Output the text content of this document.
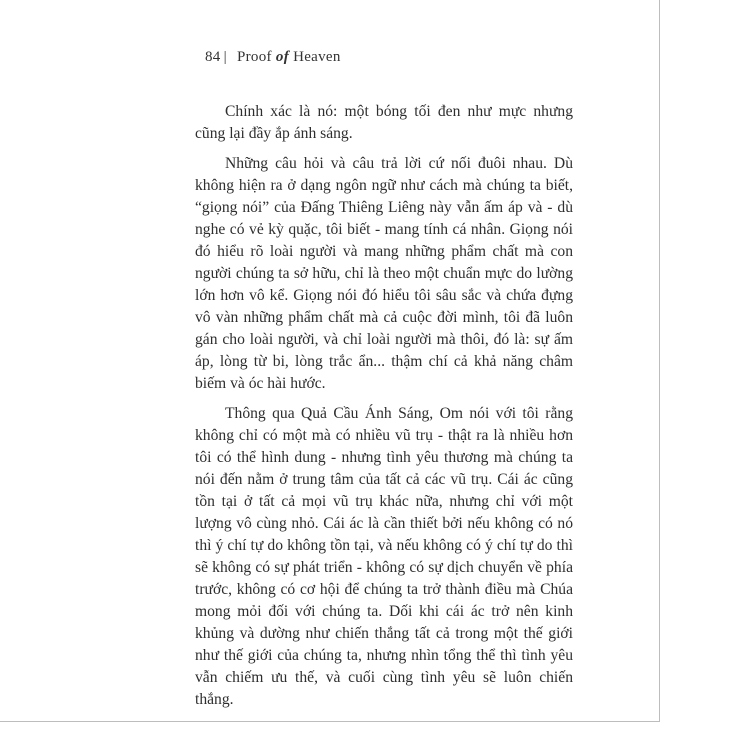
84 | Proof of Heaven

Chính xác là nó: một bóng tối đen như mực nhưng cũng lại đầy ắp ánh sáng.

Những câu hỏi và câu trả lời cứ nối đuôi nhau. Dù không hiện ra ở dạng ngôn ngữ như cách mà chúng ta biết, “giọng nói” của Đấng Thiêng Liêng này vẫn ấm áp và - dù nghe có vẻ kỳ quặc, tôi biết - mang tính cá nhân. Giọng nói đó hiểu rõ loài người và mang những phẩm chất mà con người chúng ta sở hữu, chỉ là theo một chuẩn mực do lường lớn hơn vô kể. Giọng nói đó hiểu tôi sâu sắc và chứa đựng vô vàn những phẩm chất mà cả cuộc đời mình, tôi đã luôn gán cho loài người, và chỉ loài người mà thôi, đó là: sự ấm áp, lòng từ bi, lòng trắc ẩn... thậm chí cả khả năng châm biếm và óc hài hước.

Thông qua Quả Cầu Ánh Sáng, Om nói với tôi rằng không chỉ có một mà có nhiều vũ trụ - thật ra là nhiều hơn tôi có thể hình dung - nhưng tình yêu thương mà chúng ta nói đến nằm ở trung tâm của tất cả các vũ trụ. Cái ác cũng tồn tại ở tất cả mọi vũ trụ khác nữa, nhưng chỉ với một lượng vô cùng nhỏ. Cái ác là cần thiết bởi nếu không có nó thì ý chí tự do không tồn tại, và nếu không có ý chí tự do thì sẽ không có sự phát triển - không có sự dịch chuyển về phía trước, không có cơ hội để chúng ta trở thành điều mà Chúa mong mỏi đối với chúng ta. Dối khi cái ác trở nên kinh khủng và dường như chiến thắng tất cả trong một thế giới như thế giới của chúng ta, nhưng nhìn tổng thể thì tình yêu vẫn chiếm ưu thế, và cuối cùng tình yêu sẽ luôn chiến thắng.
